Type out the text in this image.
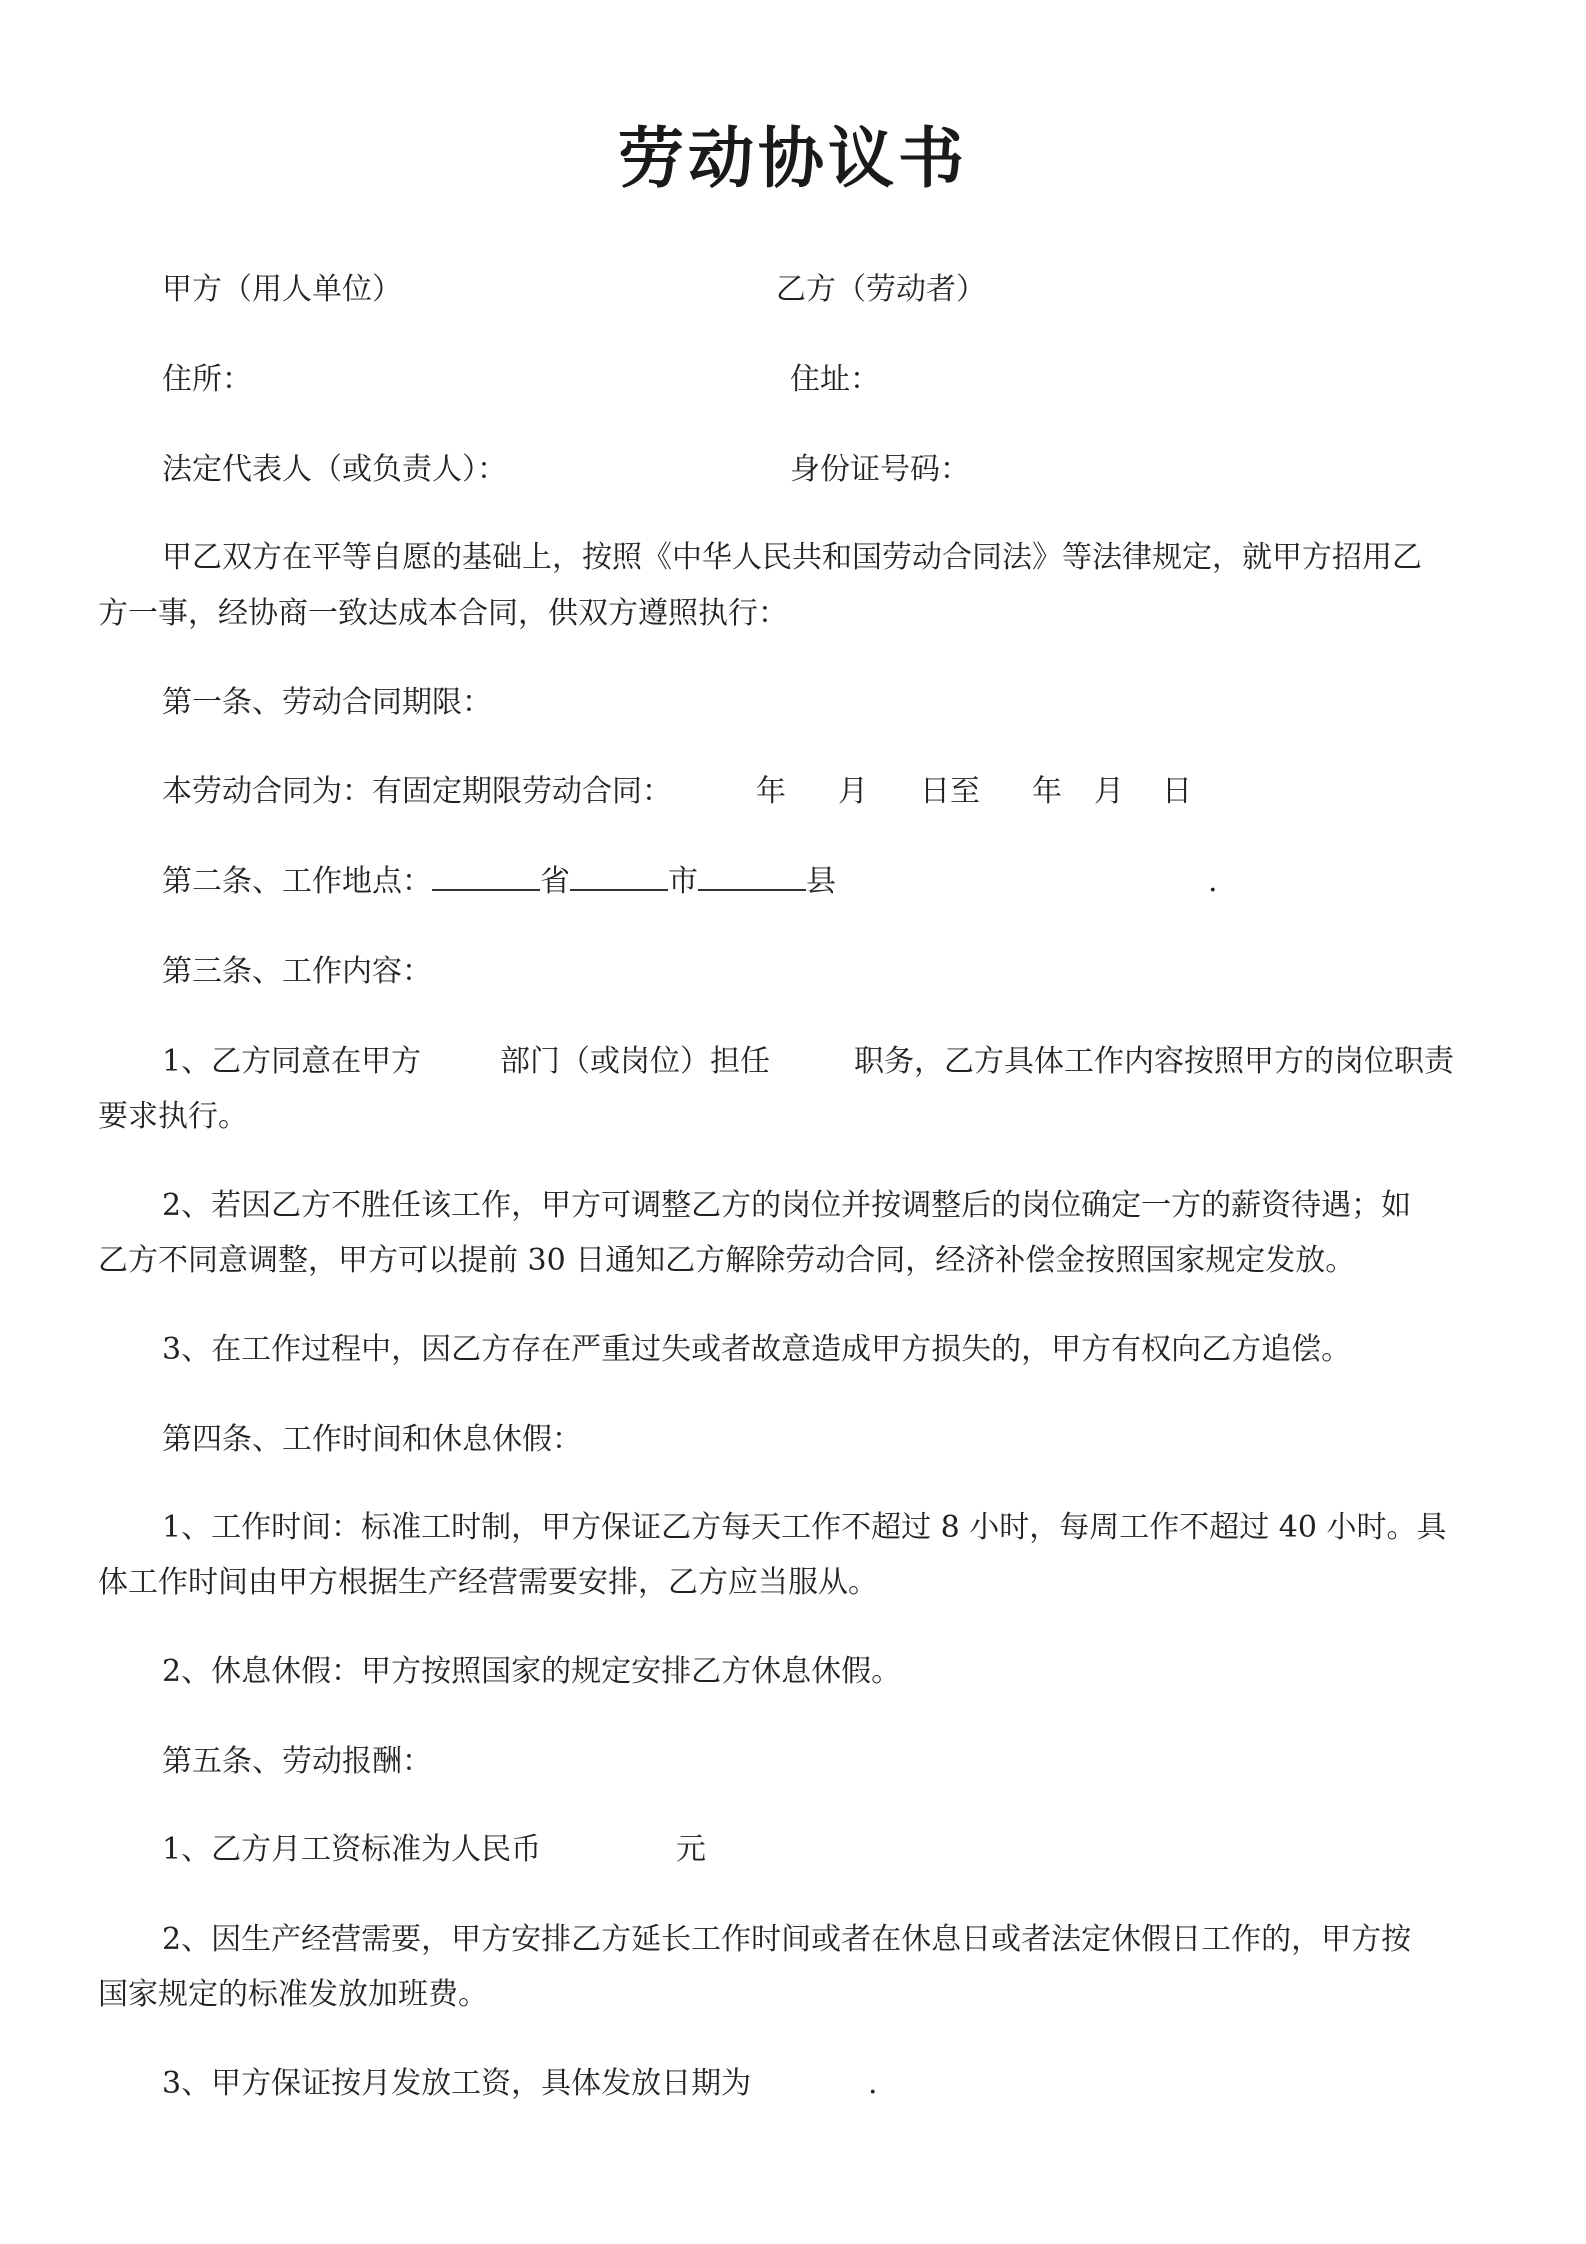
劳动协议书
甲方（用人单位）	乙方（劳动者）
住所：	住址：
法定代表人（或负责人）：	身份证号码：
甲乙双方在平等自愿的基础上，按照《中华人民共和国劳动合同法》等法律规定，就甲方招用乙
方一事，经协商一致达成本合同，供双方遵照执行：
第一条、劳动合同期限：
本劳动合同为：有固定期限劳动合同：	年 月 日至 年 月 日
第二条、工作地点：	省	市	县	.
第三条、工作内容：
1、乙方同意在甲方	部门（或岗位）担任	职务，乙方具体工作内容按照甲方的岗位职责
要求执行。
2、若因乙方不胜任该工作，甲方可调整乙方的岗位并按调整后的岗位确定一方的薪资待遇；如
乙方不同意调整，甲方可以提前 30 日通知乙方解除劳动合同，经济补偿金按照国家规定发放。
3、在工作过程中，因乙方存在严重过失或者故意造成甲方损失的，甲方有权向乙方追偿。
第四条、工作时间和休息休假：
1、工作时间：标准工时制，甲方保证乙方每天工作不超过 8 小时，每周工作不超过 40 小时。具
体工作时间由甲方根据生产经营需要安排，乙方应当服从。
2、休息休假：甲方按照国家的规定安排乙方休息休假。
第五条、劳动报酬：
1、乙方月工资标准为人民币	元
2、因生产经营需要，甲方安排乙方延长工作时间或者在休息日或者法定休假日工作的，甲方按
国家规定的标准发放加班费。
3、甲方保证按月发放工资，具体发放日期为	.
